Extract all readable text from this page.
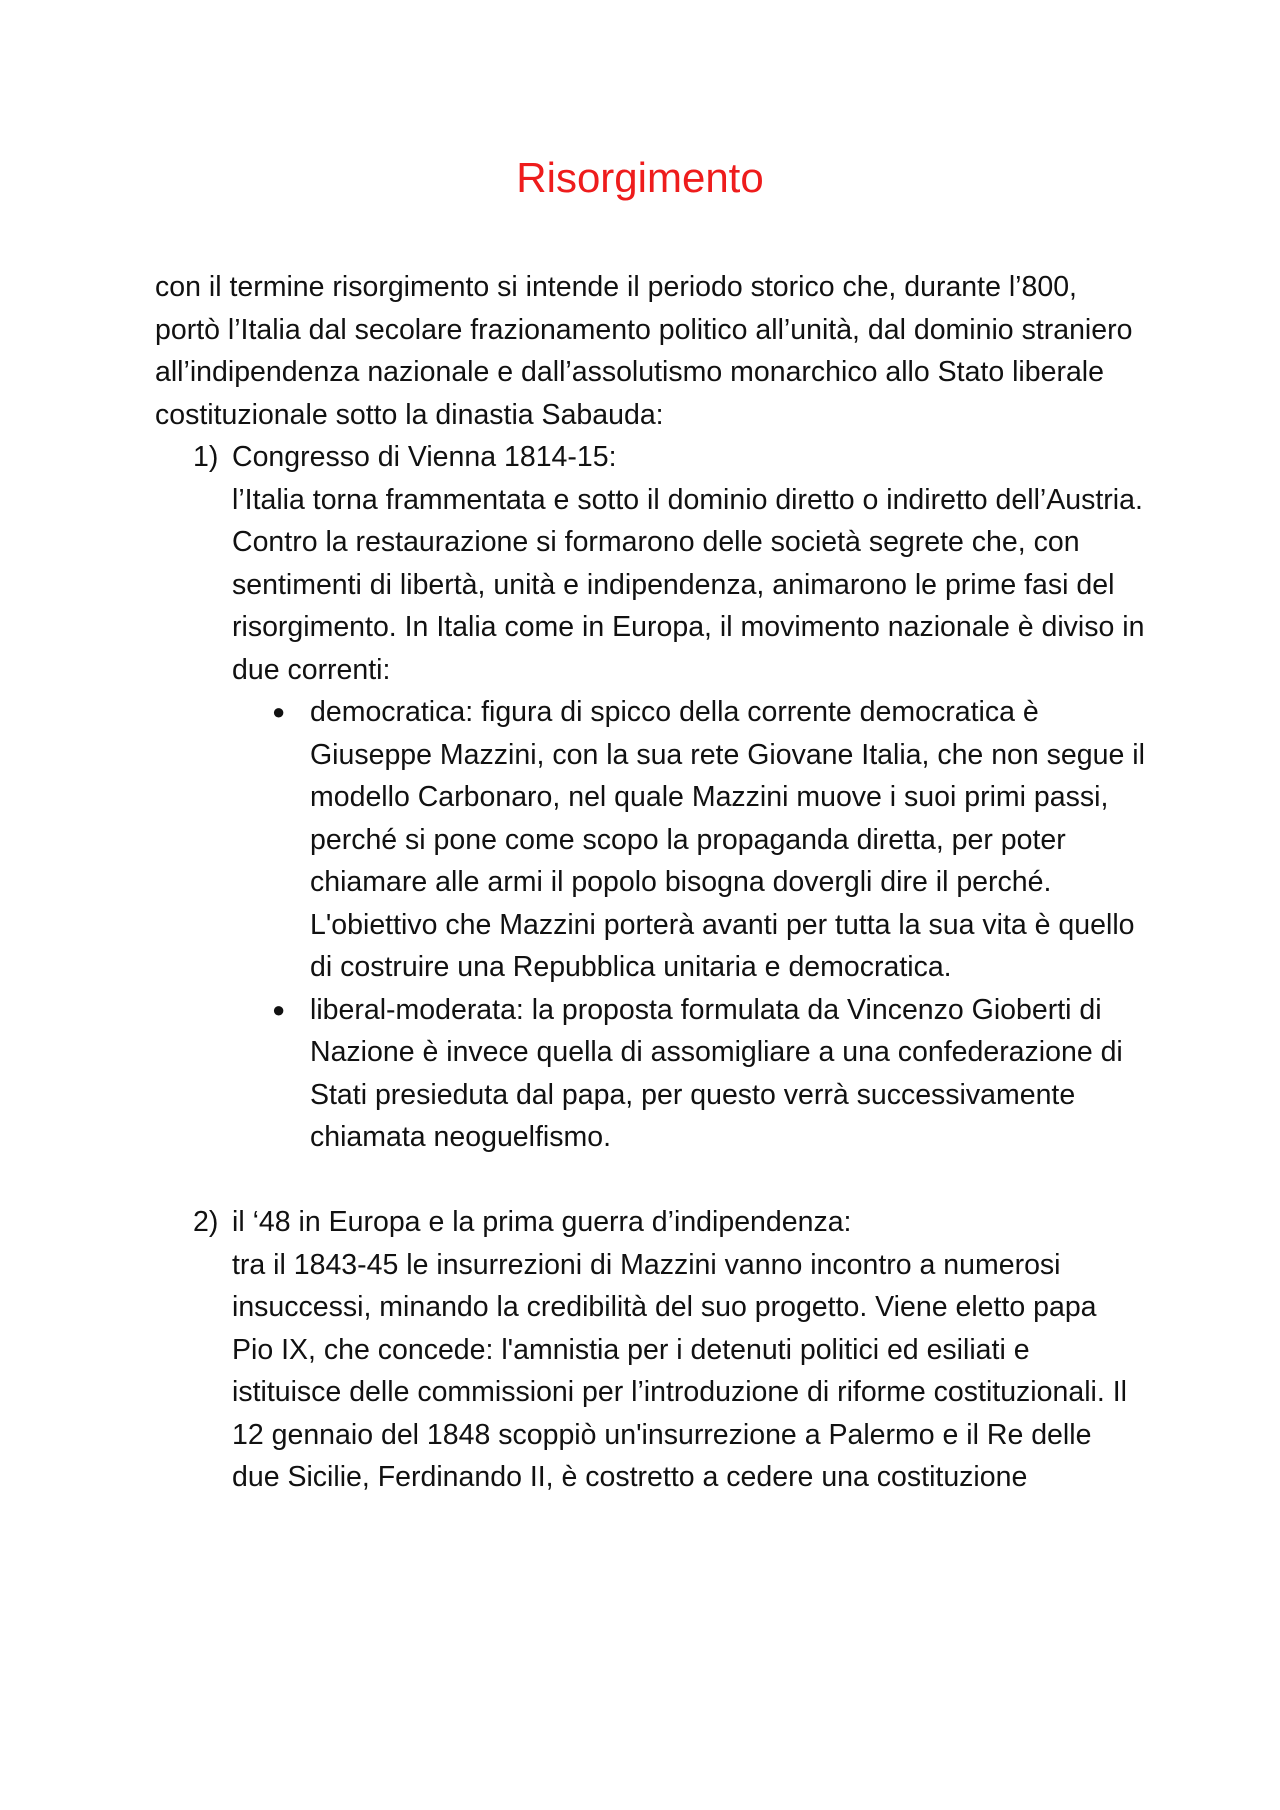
Risorgimento

con il termine risorgimento si intende il periodo storico che, durante l’800, portò l’Italia dal secolare frazionamento politico all’unità, dal dominio straniero all’indipendenza nazionale e dall’assolutismo monarchico allo Stato liberale costituzionale sotto la dinastia Sabauda:

1) Congresso di Vienna 1814-15:
l’Italia torna frammentata e sotto il dominio diretto o indiretto dell’Austria. Contro la restaurazione si formarono delle società segrete che, con sentimenti di libertà, unità e indipendenza, animarono le prime fasi del risorgimento. In Italia come in Europa, il movimento nazionale è diviso in due correnti:
● democratica: figura di spicco della corrente democratica è Giuseppe Mazzini, con la sua rete Giovane Italia, che non segue il modello Carbonaro, nel quale Mazzini muove i suoi primi passi, perché si pone come scopo la propaganda diretta, per poter chiamare alle armi il popolo bisogna dovergli dire il perché. L'obiettivo che Mazzini porterà avanti per tutta la sua vita è quello di costruire una Repubblica unitaria e democratica.
● liberal-moderata: la proposta formulata da Vincenzo Gioberti di Nazione è invece quella di assomigliare a una confederazione di Stati presieduta dal papa, per questo verrà successivamente chiamata neoguelfismo.
2) il ‘48 in Europa e la prima guerra d’indipendenza:
tra il 1843-45 le insurrezioni di Mazzini vanno incontro a numerosi insuccessi, minando la credibilità del suo progetto. Viene eletto papa Pio IX, che concede: l'amnistia per i detenuti politici ed esiliati e istituisce delle commissioni per l’introduzione di riforme costituzionali. Il 12 gennaio del 1848 scoppiò un'insurrezione a Palermo e il Re delle due Sicilie, Ferdinando II, è costretto a cedere una costituzione
